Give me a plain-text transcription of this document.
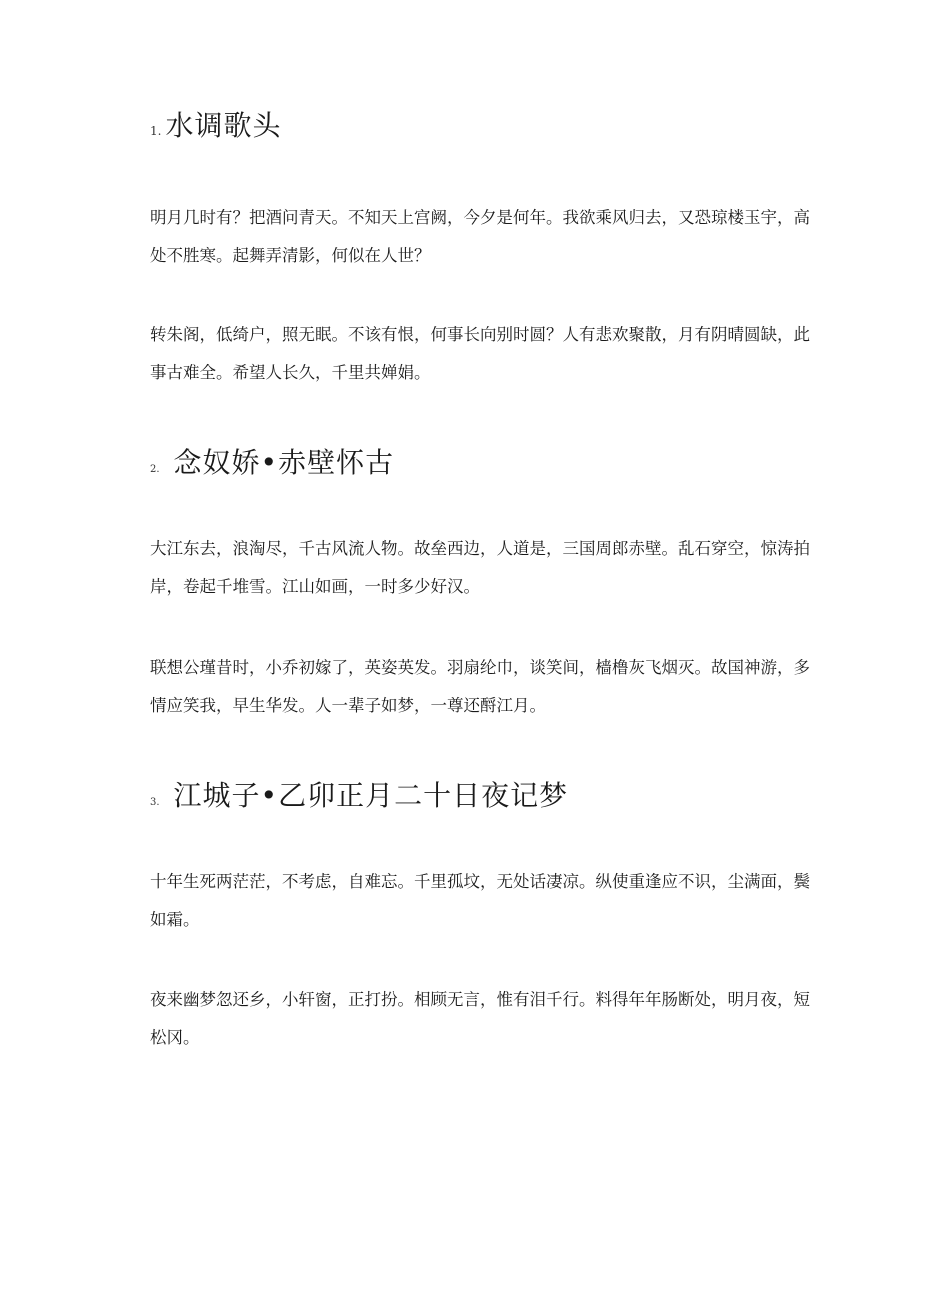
1. 水调歌头

明月几时有？把酒问青天。不知天上宫阙，今夕是何年。我欲乘风归去，又恐琼楼玉宇，高处不胜寒。起舞弄清影，何似在人世？

转朱阁，低绮户，照无眠。不该有恨，何事长向别时圆？人有悲欢聚散，月有阴晴圆缺，此事古难全。希望人长久，千里共婵娟。

2. 念奴娇•赤壁怀古

大江东去，浪淘尽，千古风流人物。故垒西边，人道是，三国周郎赤壁。乱石穿空，惊涛拍岸，卷起千堆雪。江山如画，一时多少好汉。

联想公瑾昔时，小乔初嫁了，英姿英发。羽扇纶巾，谈笑间，樯橹灰飞烟灭。故国神游，多情应笑我，早生华发。人一辈子如梦，一尊还酹江月。

3. 江城子•乙卯正月二十日夜记梦

十年生死两茫茫，不考虑，自难忘。千里孤坟，无处话凄凉。纵使重逢应不识，尘满面，鬓如霜。

夜来幽梦忽还乡，小轩窗，正打扮。相顾无言，惟有泪千行。料得年年肠断处，明月夜，短松冈。
